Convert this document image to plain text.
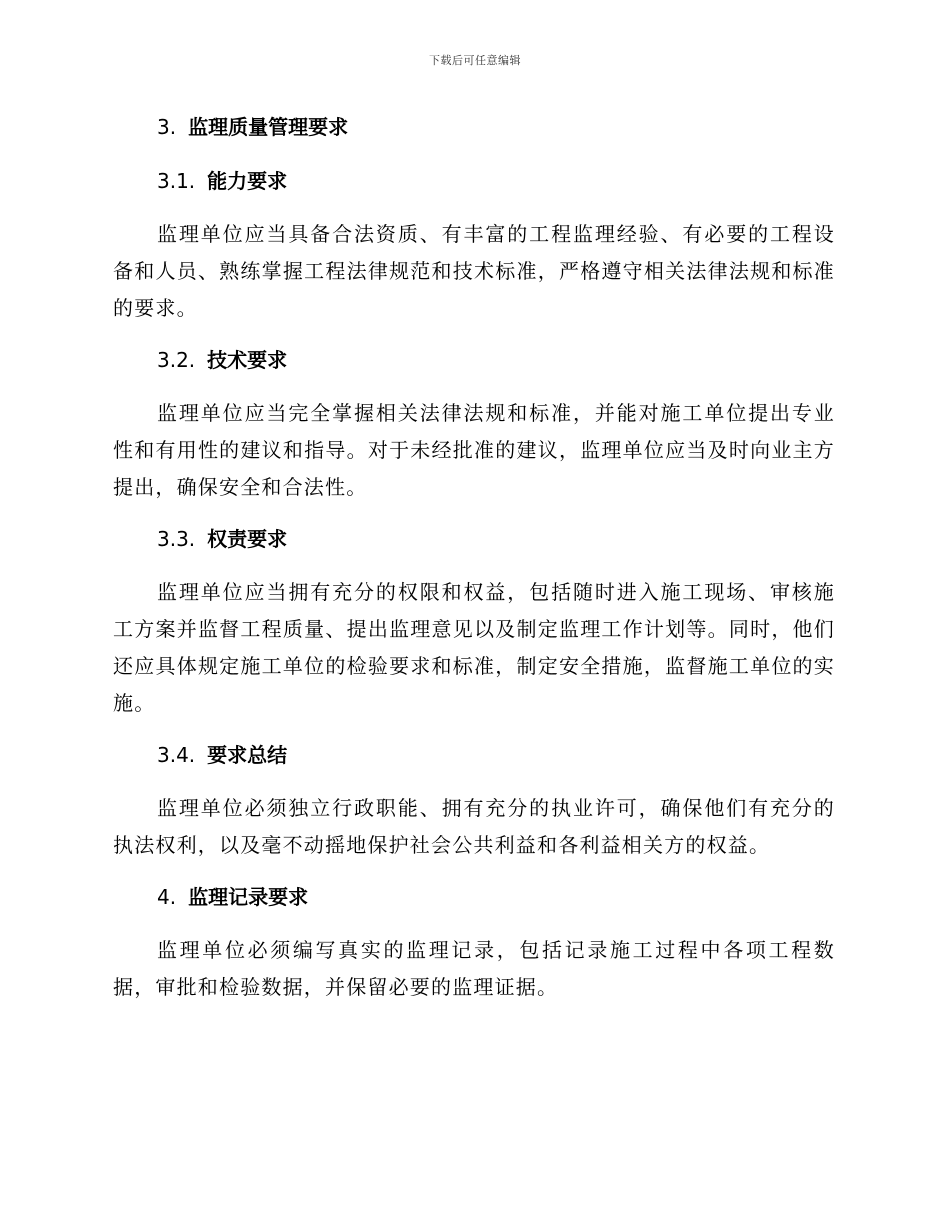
下载后可任意编辑
3. 监理质量管理要求
3.1. 能力要求

监理单位应当具备合法资质、有丰富的工程监理经验、有必要的工程设备和人员、熟练掌握工程法律规范和技术标准，严格遵守相关法律法规和标准的要求。

3.2. 技术要求

监理单位应当完全掌握相关法律法规和标准，并能对施工单位提出专业性和有用性的建议和指导。对于未经批准的建议，监理单位应当及时向业主方提出，确保安全和合法性。

3.3. 权责要求

监理单位应当拥有充分的权限和权益，包括随时进入施工现场、审核施工方案并监督工程质量、提出监理意见以及制定监理工作计划等。同时，他们还应具体规定施工单位的检验要求和标准，制定安全措施，监督施工单位的实施。

3.4. 要求总结

监理单位必须独立行政职能、拥有充分的执业许可，确保他们有充分的执法权利，以及毫不动摇地保护社会公共利益和各利益相关方的权益。

4. 监理记录要求

监理单位必须编写真实的监理记录，包括记录施工过程中各项工程数据，审批和检验数据，并保留必要的监理证据。
